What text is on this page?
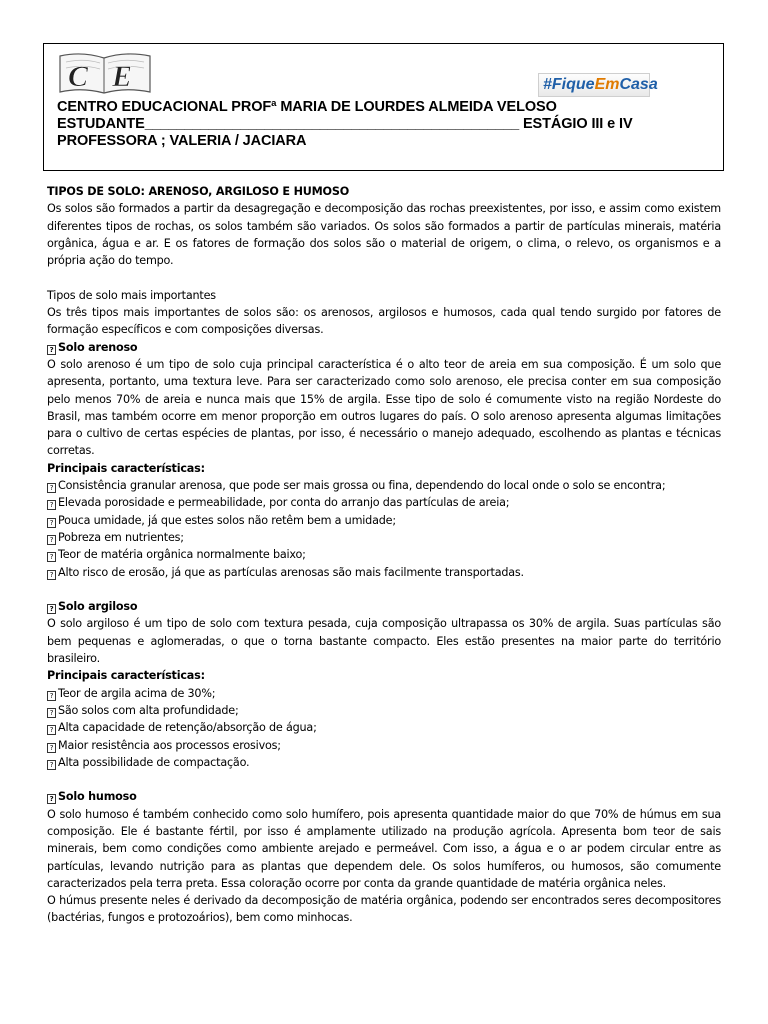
C E	#FiqueEmCasa
CENTRO EDUCACIONAL PROFª MARIA DE LOURDES ALMEIDA VELOSO
ESTUDANTE_______________________________________________ ESTÁGIO III e IV
PROFESSORA ; VALERIA / JACIARA

TIPOS DE SOLO: ARENOSO, ARGILOSO E HUMOSO

Os solos são formados a partir da desagregação e decomposição das rochas preexistentes, por isso, e assim como existem diferentes tipos de rochas, os solos também são variados. Os solos são formados a partir de partículas minerais, matéria orgânica, água e ar. E os fatores de formação dos solos são o material de origem, o clima, o relevo, os organismos e a própria ação do tempo.

Tipos de solo mais importantes

Os três tipos mais importantes de solos são: os arenosos, argilosos e humosos, cada qual tendo surgido por fatores de formação específicos e com composições diversas.

? Solo arenoso

O solo arenoso é um tipo de solo cuja principal característica é o alto teor de areia em sua composição. É um solo que apresenta, portanto, uma textura leve. Para ser caracterizado como solo arenoso, ele precisa conter em sua composição pelo menos 70% de areia e nunca mais que 15% de argila. Esse tipo de solo é comumente visto na região Nordeste do Brasil, mas também ocorre em menor proporção em outros lugares do país. O solo arenoso apresenta algumas limitações para o cultivo de certas espécies de plantas, por isso, é necessário o manejo adequado, escolhendo as plantas e técnicas corretas.

Principais características:

? Consistência granular arenosa, que pode ser mais grossa ou fina, dependendo do local onde o solo se encontra;

? Elevada porosidade e permeabilidade, por conta do arranjo das partículas de areia;

? Pouca umidade, já que estes solos não retêm bem a umidade;

? Pobreza em nutrientes;

? Teor de matéria orgânica normalmente baixo;

? Alto risco de erosão, já que as partículas arenosas são mais facilmente transportadas.

? Solo argiloso

O solo argiloso é um tipo de solo com textura pesada, cuja composição ultrapassa os 30% de argila. Suas partículas são bem pequenas e aglomeradas, o que o torna bastante compacto. Eles estão presentes na maior parte do território brasileiro.

Principais características:

? Teor de argila acima de 30%;

? São solos com alta profundidade;

? Alta capacidade de retenção/absorção de água;

? Maior resistência aos processos erosivos;

? Alta possibilidade de compactação.

? Solo humoso

O solo humoso é também conhecido como solo humífero, pois apresenta quantidade maior do que 70% de húmus em sua composição. Ele é bastante fértil, por isso é amplamente utilizado na produção agrícola. Apresenta bom teor de sais minerais, bem como condições como ambiente arejado e permeável. Com isso, a água e o ar podem circular entre as partículas, levando nutrição para as plantas que dependem dele. Os solos humíferos, ou humosos, são comumente caracterizados pela terra preta. Essa coloração ocorre por conta da grande quantidade de matéria orgânica neles.

O húmus presente neles é derivado da decomposição de matéria orgânica, podendo ser encontrados seres decompositores (bactérias, fungos e protozoários), bem como minhocas.
